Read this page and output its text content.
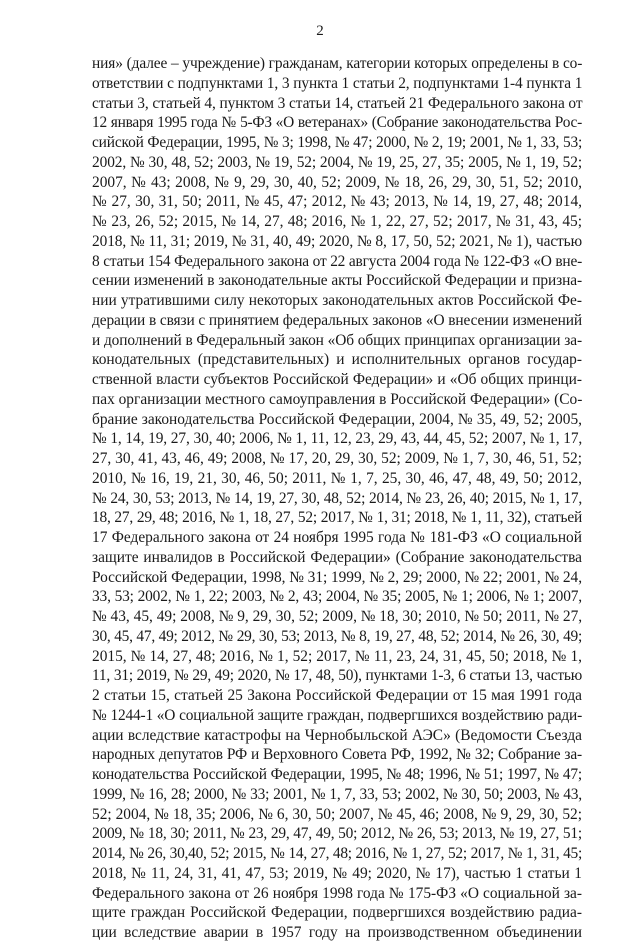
2
ния» (далее – учреждение) гражданам, категории которых определены в со-
ответствии с подпунктами 1, 3 пункта 1 статьи 2, подпунктами 1-4 пункта 1
статьи 3, статьей 4, пунктом 3 статьи 14, статьей 21 Федерального закона от
12 января 1995 года № 5-ФЗ «О ветеранах» (Собрание законодательства Рос-
сийской Федерации, 1995, № 3; 1998, № 47; 2000, № 2, 19; 2001, № 1, 33, 53;
2002, № 30, 48, 52; 2003, № 19, 52; 2004, № 19, 25, 27, 35; 2005, № 1, 19, 52;
2007, № 43; 2008, № 9, 29, 30, 40, 52; 2009, № 18, 26, 29, 30, 51, 52; 2010,
№ 27, 30, 31, 50; 2011, № 45, 47; 2012, № 43; 2013, № 14, 19, 27, 48; 2014,
№ 23, 26, 52; 2015, № 14, 27, 48; 2016, № 1, 22, 27, 52; 2017, № 31, 43, 45;
2018, № 11, 31; 2019, № 31, 40, 49; 2020, № 8, 17, 50, 52; 2021, № 1), частью
8 статьи 154 Федерального закона от 22 августа 2004 года № 122-ФЗ «О вне-
сении изменений в законодательные акты Российской Федерации и призна-
нии утратившими силу некоторых законодательных актов Российской Фе-
дерации в связи с принятием федеральных законов «О внесении изменений
и дополнений в Федеральный закон «Об общих принципах организации за-
конодательных (представительных) и исполнительных органов государ-
ственной власти субъектов Российской Федерации» и «Об общих принци-
пах организации местного самоуправления в Российской Федерации» (Со-
брание законодательства Российской Федерации, 2004, № 35, 49, 52; 2005,
№ 1, 14, 19, 27, 30, 40; 2006, № 1, 11, 12, 23, 29, 43, 44, 45, 52; 2007, № 1, 17,
27, 30, 41, 43, 46, 49; 2008, № 17, 20, 29, 30, 52; 2009, № 1, 7, 30, 46, 51, 52;
2010, № 16, 19, 21, 30, 46, 50; 2011, № 1, 7, 25, 30, 46, 47, 48, 49, 50; 2012,
№ 24, 30, 53; 2013, № 14, 19, 27, 30, 48, 52; 2014, № 23, 26, 40; 2015, № 1, 17,
18, 27, 29, 48; 2016, № 1, 18, 27, 52; 2017, № 1, 31; 2018, № 1, 11, 32), статьей
17 Федерального закона от 24 ноября 1995 года № 181-ФЗ «О социальной
защите инвалидов в Российской Федерации» (Собрание законодательства
Российской Федерации, 1998, № 31; 1999, № 2, 29; 2000, № 22; 2001, № 24,
33, 53; 2002, № 1, 22; 2003, № 2, 43; 2004, № 35; 2005, № 1; 2006, № 1; 2007,
№ 43, 45, 49; 2008, № 9, 29, 30, 52; 2009, № 18, 30; 2010, № 50; 2011, № 27,
30, 45, 47, 49; 2012, № 29, 30, 53; 2013, № 8, 19, 27, 48, 52; 2014, № 26, 30, 49;
2015, № 14, 27, 48; 2016, № 1, 52; 2017, № 11, 23, 24, 31, 45, 50; 2018, № 1,
11, 31; 2019, № 29, 49; 2020, № 17, 48, 50), пунктами 1-3, 6 статьи 13, частью
2 статьи 15, статьей 25 Закона Российской Федерации от 15 мая 1991 года
№ 1244-1 «О социальной защите граждан, подвергшихся воздействию ради-
ации вследствие катастрофы на Чернобыльской АЭС» (Ведомости Съезда
народных депутатов РФ и Верховного Совета РФ, 1992, № 32; Собрание за-
конодательства Российской Федерации, 1995, № 48; 1996, № 51; 1997, № 47;
1999, № 16, 28; 2000, № 33; 2001, № 1, 7, 33, 53; 2002, № 30, 50; 2003, № 43,
52; 2004, № 18, 35; 2006, № 6, 30, 50; 2007, № 45, 46; 2008, № 9, 29, 30, 52;
2009, № 18, 30; 2011, № 23, 29, 47, 49, 50; 2012, № 26, 53; 2013, № 19, 27, 51;
2014, № 26, 30,40, 52; 2015, № 14, 27, 48; 2016, № 1, 27, 52; 2017, № 1, 31, 45;
2018, № 11, 24, 31, 41, 47, 53; 2019, № 49; 2020, № 17), частью 1 статьи 1
Федерального закона от 26 ноября 1998 года № 175-ФЗ «О социальной за-
щите граждан Российской Федерации, подвергшихся воздействию радиа-
ции вследствие аварии в 1957 году на производственном объединении
